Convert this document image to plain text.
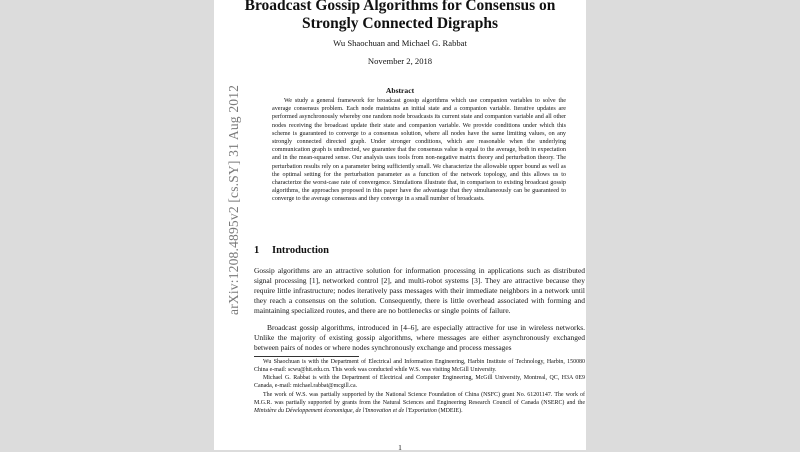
arXiv:1208.4895v2 [cs.SY] 31 Aug 2012
Broadcast Gossip Algorithms for Consensus on
Strongly Connected Digraphs
Wu Shaochuan and Michael G. Rabbat
November 2, 2018
Abstract

We study a general framework for broadcast gossip algorithms which use companion variables to solve the average consensus problem. Each node maintains an initial state and a companion variable. Iterative updates are performed asynchronously whereby one random node broadcasts its current state and companion variable and all other nodes receiving the broadcast update their state and companion variable. We provide conditions under which this scheme is guaranteed to converge to a consensus solution, where all nodes have the same limiting values, on any strongly connected directed graph. Under stronger conditions, which are reasonable when the underlying communication graph is undirected, we guarantee that the consensus value is equal to the average, both in expectation and in the mean-squared sense. Our analysis uses tools from non-negative matrix theory and perturbation theory. The perturbation results rely on a parameter being sufficiently small. We characterize the allowable upper bound as well as the optimal setting for the perturbation parameter as a function of the network topology, and this allows us to characterize the worst-case rate of convergence. Simulations illustrate that, in comparison to existing broadcast gossip algorithms, the approaches proposed in this paper have the advantage that they simultaneously can be guaranteed to converge to the average consensus and they converge in a small number of broadcasts.

1 Introduction

Gossip algorithms are an attractive solution for information processing in applications such as distributed signal processing [1], networked control [2], and multi-robot systems [3]. They are attractive because they require little infrastructure; nodes iteratively pass messages with their immediate neighbors in a network until they reach a consensus on the solution. Consequently, there is little overhead associated with forming and maintaining specialized routes, and there are no bottlenecks or single points of failure.

Broadcast gossip algorithms, introduced in [4–6], are especially attractive for use in wireless networks. Unlike the majority of existing gossip algorithms, where messages are either asynchronously exchanged between pairs of nodes or where nodes synchronously exchange and process messages

Wu Shaochuan is with the Department of Electrical and Information Engineering, Harbin Institute of Technology, Harbin, 150080 China e-mail: scwu@hit.edu.cn. This work was conducted while W.S. was visiting McGill University.

Michael G. Rabbat is with the Department of Electrical and Computer Engineering, McGill University, Montreal, QC, H3A 0E9 Canada, e-mail: michael.rabbat@mcgill.ca.

The work of W.S. was partially supported by the National Science Foundation of China (NSFC) grant No. 61201147. The work of M.G.R. was partially supported by grants from the Natural Sciences and Engineering Research Council of Canada (NSERC) and the Ministère du Développement économique, de l'Innovation et de l'Exportation (MDEIE).

1
